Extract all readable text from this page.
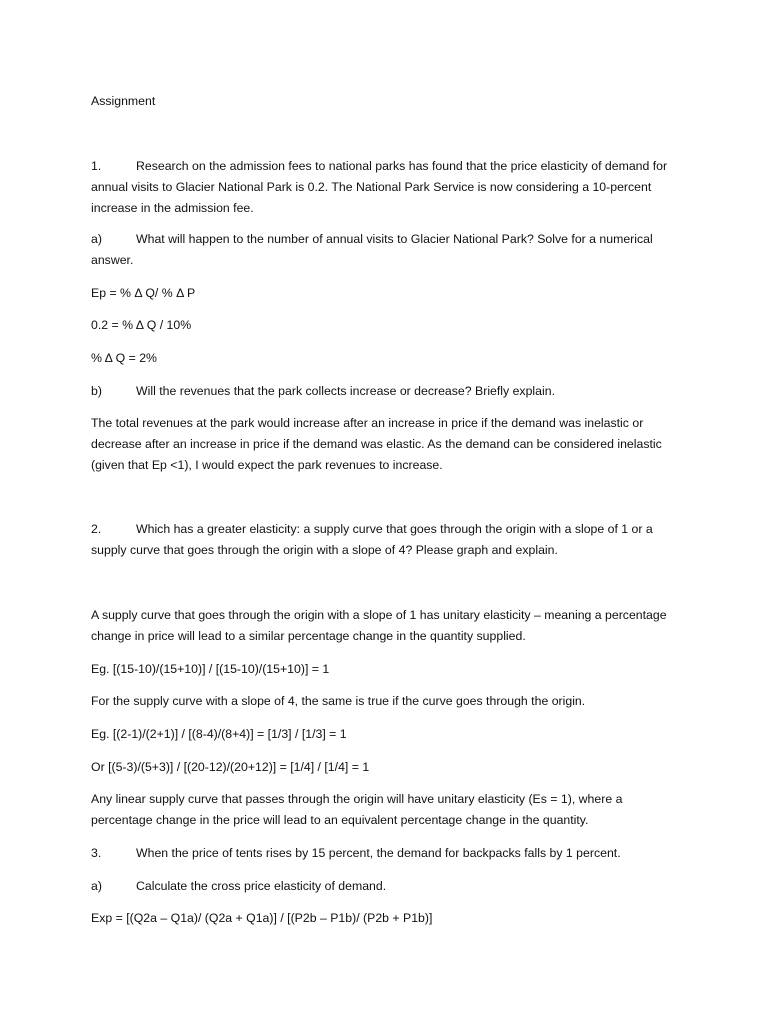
Assignment

1.	Research on the admission fees to national parks has found that the price elasticity of demand for annual visits to Glacier National Park is 0.2. The National Park Service is now considering a 10-percent increase in the admission fee.

a)	What will happen to the number of annual visits to Glacier National Park? Solve for a numerical answer.

Ep = % Δ Q/ % Δ P

0.2 = % Δ Q / 10%

% Δ Q = 2%

b)	Will the revenues that the park collects increase or decrease? Briefly explain.

The total revenues at the park would increase after an increase in price if the demand was inelastic or decrease after an increase in price if the demand was elastic. As the demand can be considered inelastic (given that Ep <1), I would expect the park revenues to increase.

2.	Which has a greater elasticity: a supply curve that goes through the origin with a slope of 1 or a supply curve that goes through the origin with a slope of 4? Please graph and explain.

A supply curve that goes through the origin with a slope of 1 has unitary elasticity – meaning a percentage change in price will lead to a similar percentage change in the quantity supplied.

Eg. [(15-10)/(15+10)] / [(15-10)/(15+10)] = 1

For the supply curve with a slope of 4, the same is true if the curve goes through the origin.

Eg. [(2-1)/(2+1)] / [(8-4)/(8+4)] = [1/3] / [1/3] = 1

Or [(5-3)/(5+3)] / [(20-12)/(20+12)] = [1/4] / [1/4] = 1

Any linear supply curve that passes through the origin will have unitary elasticity (Es = 1), where a percentage change in the price will lead to an equivalent percentage change in the quantity.

3.	When the price of tents rises by 15 percent, the demand for backpacks falls by 1 percent.

a)	Calculate the cross price elasticity of demand.

Exp = [(Q2a – Q1a)/ (Q2a + Q1a)] / [(P2b – P1b)/ (P2b + P1b)]
